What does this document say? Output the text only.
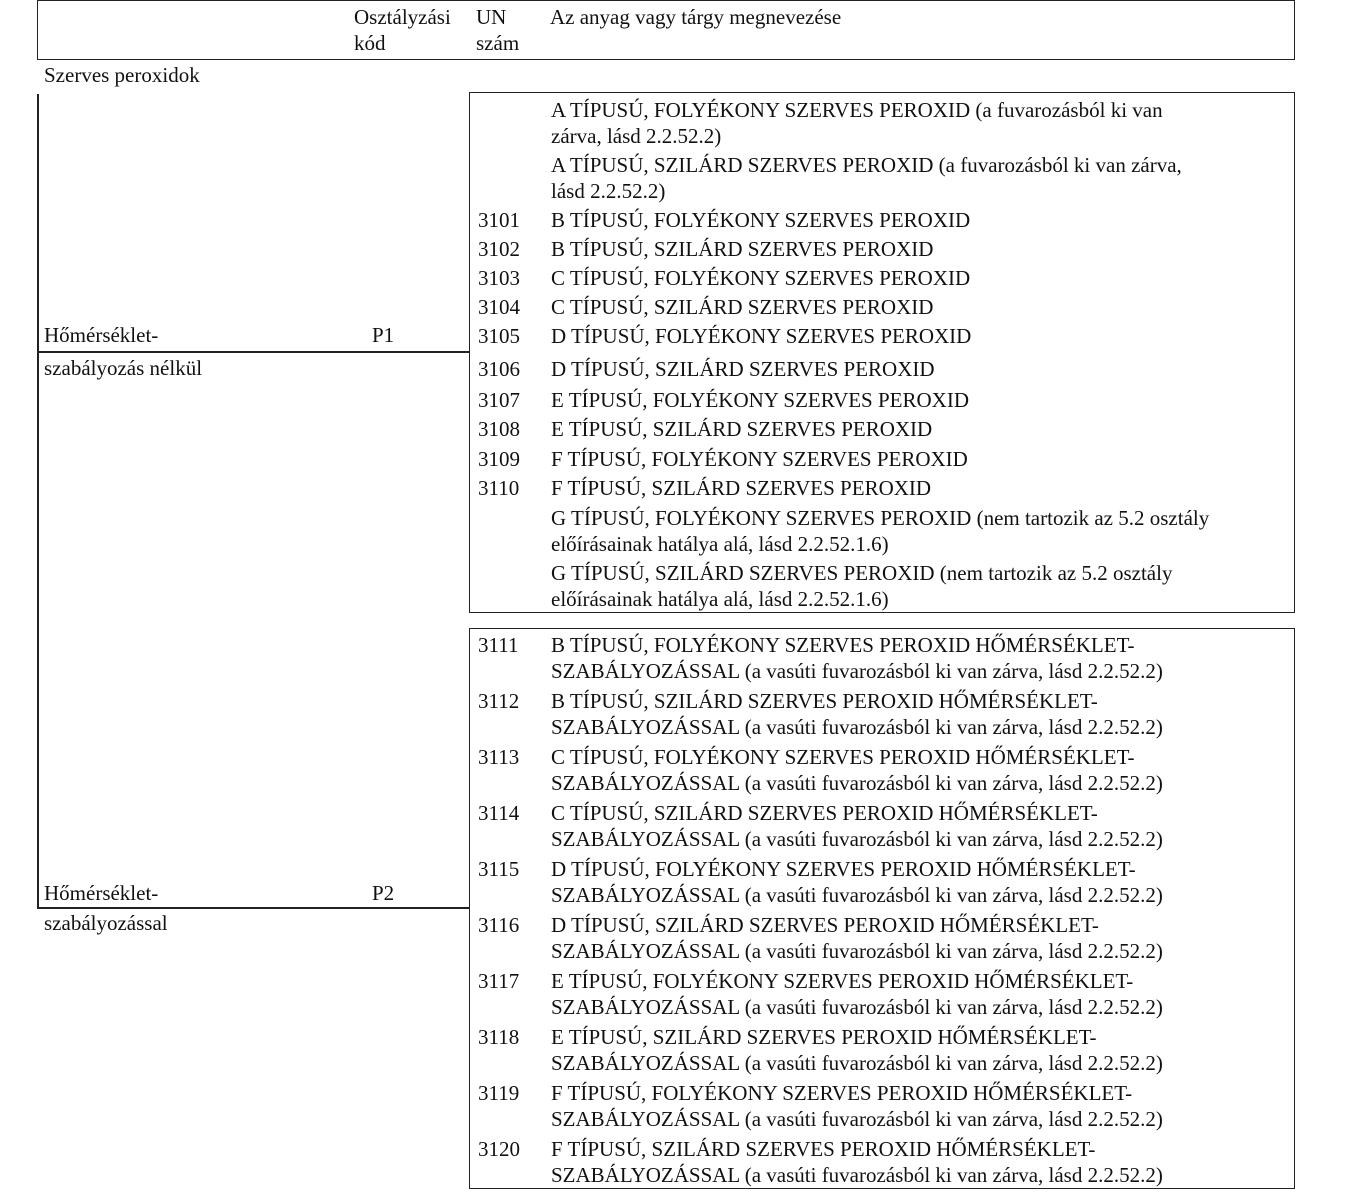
Osztályzási
kód
UN
szám
Az anyag vagy tárgy megnevezése
Szerves peroxidok
Hőmérséklet-	P1
szabályozás nélkül
A TÍPUSÚ, FOLYÉKONY SZERVES PEROXID (a fuvarozásból ki van
zárva, lásd 2.2.52.2)
A TÍPUSÚ, SZILÁRD SZERVES PEROXID (a fuvarozásból ki van zárva,
lásd 2.2.52.2)
3101 B TÍPUSÚ, FOLYÉKONY SZERVES PEROXID
3102 B TÍPUSÚ, SZILÁRD SZERVES PEROXID
3103 C TÍPUSÚ, FOLYÉKONY SZERVES PEROXID
3104 C TÍPUSÚ, SZILÁRD SZERVES PEROXID
3105 D TÍPUSÚ, FOLYÉKONY SZERVES PEROXID
3106 D TÍPUSÚ, SZILÁRD SZERVES PEROXID
3107 E TÍPUSÚ, FOLYÉKONY SZERVES PEROXID
3108 E TÍPUSÚ, SZILÁRD SZERVES PEROXID
3109 F TÍPUSÚ, FOLYÉKONY SZERVES PEROXID
3110 F TÍPUSÚ, SZILÁRD SZERVES PEROXID
G TÍPUSÚ, FOLYÉKONY SZERVES PEROXID (nem tartozik az 5.2 osztály
előírásainak hatálya alá, lásd 2.2.52.1.6)
G TÍPUSÚ, SZILÁRD SZERVES PEROXID (nem tartozik az 5.2 osztály
előírásainak hatálya alá, lásd 2.2.52.1.6)
Hőmérséklet-	P2
szabályozással
3111 B TÍPUSÚ, FOLYÉKONY SZERVES PEROXID HŐMÉRSÉKLET-
SZABÁLYOZÁSSAL (a vasúti fuvarozásból ki van zárva, lásd 2.2.52.2)
3112 B TÍPUSÚ, SZILÁRD SZERVES PEROXID HŐMÉRSÉKLET-
SZABÁLYOZÁSSAL (a vasúti fuvarozásból ki van zárva, lásd 2.2.52.2)
3113 C TÍPUSÚ, FOLYÉKONY SZERVES PEROXID HŐMÉRSÉKLET-
SZABÁLYOZÁSSAL (a vasúti fuvarozásból ki van zárva, lásd 2.2.52.2)
3114 C TÍPUSÚ, SZILÁRD SZERVES PEROXID HŐMÉRSÉKLET-
SZABÁLYOZÁSSAL (a vasúti fuvarozásból ki van zárva, lásd 2.2.52.2)
3115 D TÍPUSÚ, FOLYÉKONY SZERVES PEROXID HŐMÉRSÉKLET-
SZABÁLYOZÁSSAL (a vasúti fuvarozásból ki van zárva, lásd 2.2.52.2)
3116 D TÍPUSÚ, SZILÁRD SZERVES PEROXID HŐMÉRSÉKLET-
SZABÁLYOZÁSSAL (a vasúti fuvarozásból ki van zárva, lásd 2.2.52.2)
3117 E TÍPUSÚ, FOLYÉKONY SZERVES PEROXID HŐMÉRSÉKLET-
SZABÁLYOZÁSSAL (a vasúti fuvarozásból ki van zárva, lásd 2.2.52.2)
3118 E TÍPUSÚ, SZILÁRD SZERVES PEROXID HŐMÉRSÉKLET-
SZABÁLYOZÁSSAL (a vasúti fuvarozásból ki van zárva, lásd 2.2.52.2)
3119 F TÍPUSÚ, FOLYÉKONY SZERVES PEROXID HŐMÉRSÉKLET-
SZABÁLYOZÁSSAL (a vasúti fuvarozásból ki van zárva, lásd 2.2.52.2)
3120 F TÍPUSÚ, SZILÁRD SZERVES PEROXID HŐMÉRSÉKLET-
SZABÁLYOZÁSSAL (a vasúti fuvarozásból ki van zárva, lásd 2.2.52.2)
